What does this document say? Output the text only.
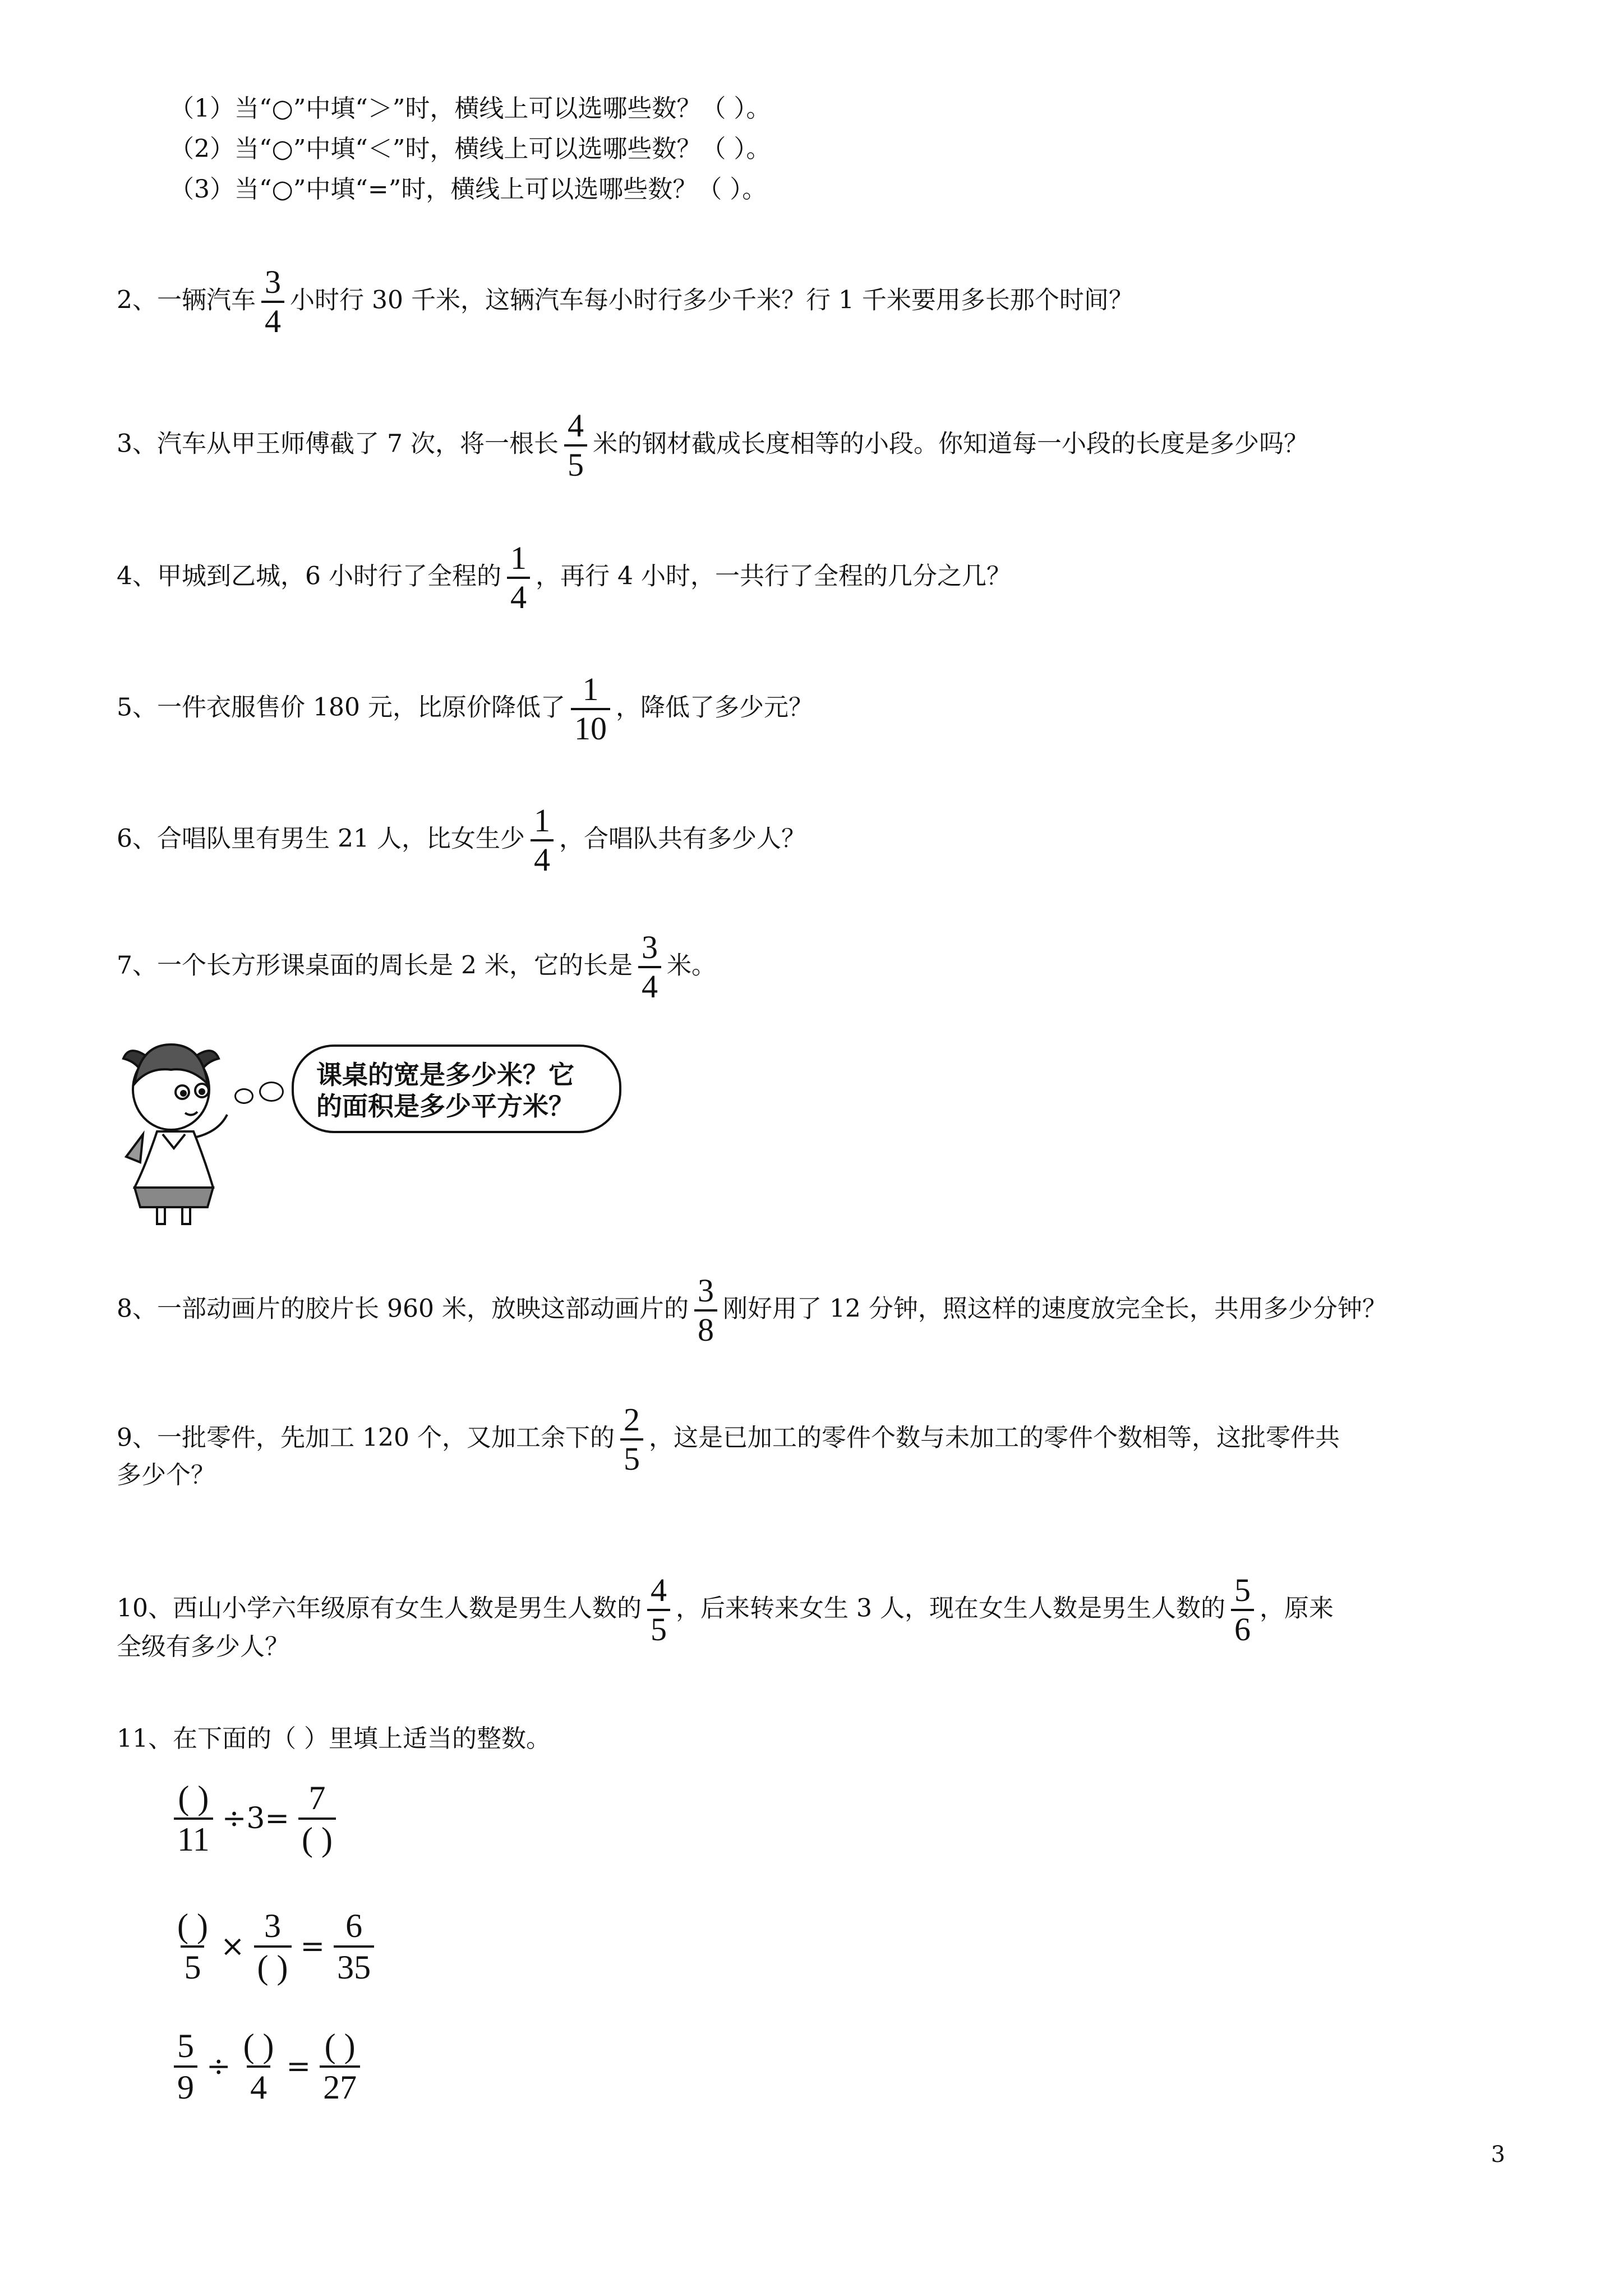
（1）当“○”中填“＞”时，横线上可以选哪些数？（ ）。
（2）当“○”中填“＜”时，横线上可以选哪些数？（ ）。
（3）当“○”中填“=”时，横线上可以选哪些数？（ ）。
2、一辆汽车 $\frac{3}{4}$ 小时行 30 千米，这辆汽车每小时行多少千米？行 1 千米要用多长那个时间？
3、汽车从甲王师傅截了 7 次，将一根长 $\frac{4}{5}$ 米的钢材截成长度相等的小段。你知道每一小段的长度是多少吗？
4、甲城到乙城，6 小时行了全程的 $\frac{1}{4}$ ，再行 4 小时，一共行了全程的几分之几？
5、一件衣服售价 180 元，比原价降低了 $\frac{1}{10}$ ，降低了多少元？
6、合唱队里有男生 21 人，比女生少 $\frac{1}{4}$ ，合唱队共有多少人？
7、一个长方形课桌面的周长是 2 米，它的长是 $\frac{3}{4}$ 米。
课桌的宽是多少米？它
的面积是多少平方米？
8、一部动画片的胶片长 960 米，放映这部动画片的 $\frac{3}{8}$ 刚好用了 12 分钟，照这样的速度放完全长，共用多少分钟？
9、一批零件，先加工 120 个，又加工余下的 $\frac{2}{5}$ ，这是已加工的零件个数与未加工的零件个数相等，这批零件共
多少个？
10、西山小学六年级原有女生人数是男生人数的 $\frac{4}{5}$ ，后来转来女生 3 人，现在女生人数是男生人数的 $\frac{5}{6}$ ，原来
全级有多少人？
11、在下面的（ ）里填上适当的整数。
$\frac{( )}{11} \div 3= \frac{7}{( )}$
$\frac{( )}{5} \times \frac{3}{( )} = \frac{6}{35}$
$\frac{5}{9} \div \frac{( )}{4} = \frac{( )}{27}$
3
